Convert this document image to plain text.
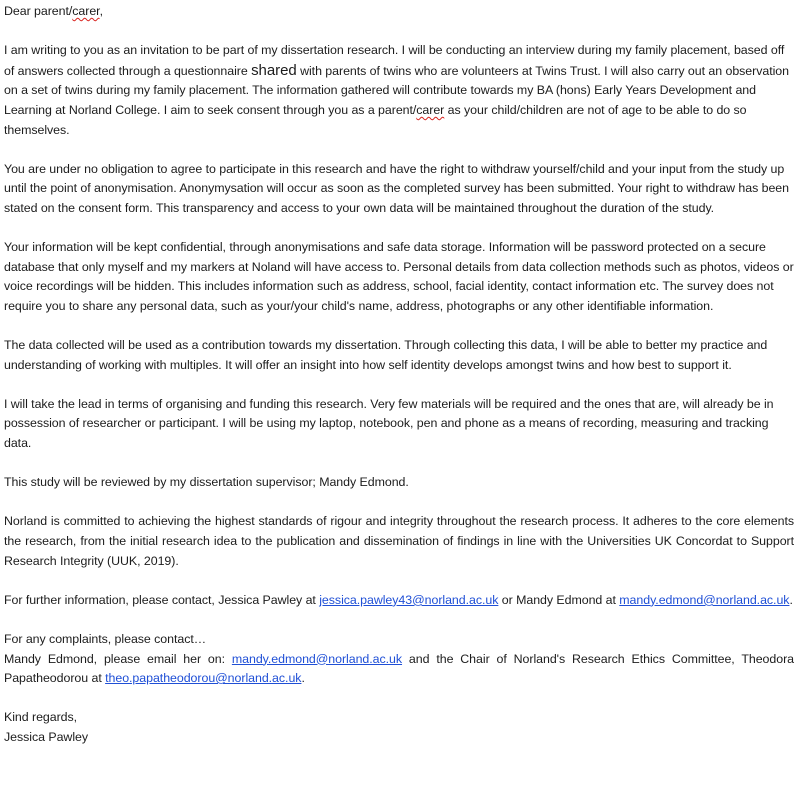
Dear parent/carer,

I am writing to you as an invitation to be part of my dissertation research. I will be conducting an interview during my family placement, based off of answers collected through a questionnaire shared with parents of twins who are volunteers at Twins Trust. I will also carry out an observation on a set of twins during my family placement. The information gathered will contribute towards my BA (hons) Early Years Development and Learning at Norland College. I aim to seek consent through you as a parent/carer as your child/children are not of age to be able to do so themselves.

You are under no obligation to agree to participate in this research and have the right to withdraw yourself/child and your input from the study up until the point of anonymisation. Anonymysation will occur as soon as the completed survey has been submitted. Your right to withdraw has been stated on the consent form. This transparency and access to your own data will be maintained throughout the duration of the study.

Your information will be kept confidential, through anonymisations and safe data storage. Information will be password protected on a secure database that only myself and my markers at Noland will have access to. Personal details from data collection methods such as photos, videos or voice recordings will be hidden. This includes information such as address, school, facial identity, contact information etc. The survey does not require you to share any personal data, such as your/your child's name, address, photographs or any other identifiable information.

The data collected will be used as a contribution towards my dissertation. Through collecting this data, I will be able to better my practice and understanding of working with multiples. It will offer an insight into how self identity develops amongst twins and how best to support it.

I will take the lead in terms of organising and funding this research. Very few materials will be required and the ones that are, will already be in possession of researcher or participant. I will be using my laptop, notebook, pen and phone as a means of recording, measuring and tracking data.

This study will be reviewed by my dissertation supervisor; Mandy Edmond.

Norland is committed to achieving the highest standards of rigour and integrity throughout the research process. It adheres to the core elements the research, from the initial research idea to the publication and dissemination of findings in line with the Universities UK Concordat to Support Research Integrity (UUK, 2019).

For further information, please contact, Jessica Pawley at jessica.pawley43@norland.ac.uk or Mandy Edmond at mandy.edmond@norland.ac.uk.

For any complaints, please contact…

Mandy Edmond, please email her on: mandy.edmond@norland.ac.uk and the Chair of Norland's Research Ethics Committee, Theodora Papatheodorou at theo.papatheodorou@norland.ac.uk.

Kind regards,

Jessica Pawley
